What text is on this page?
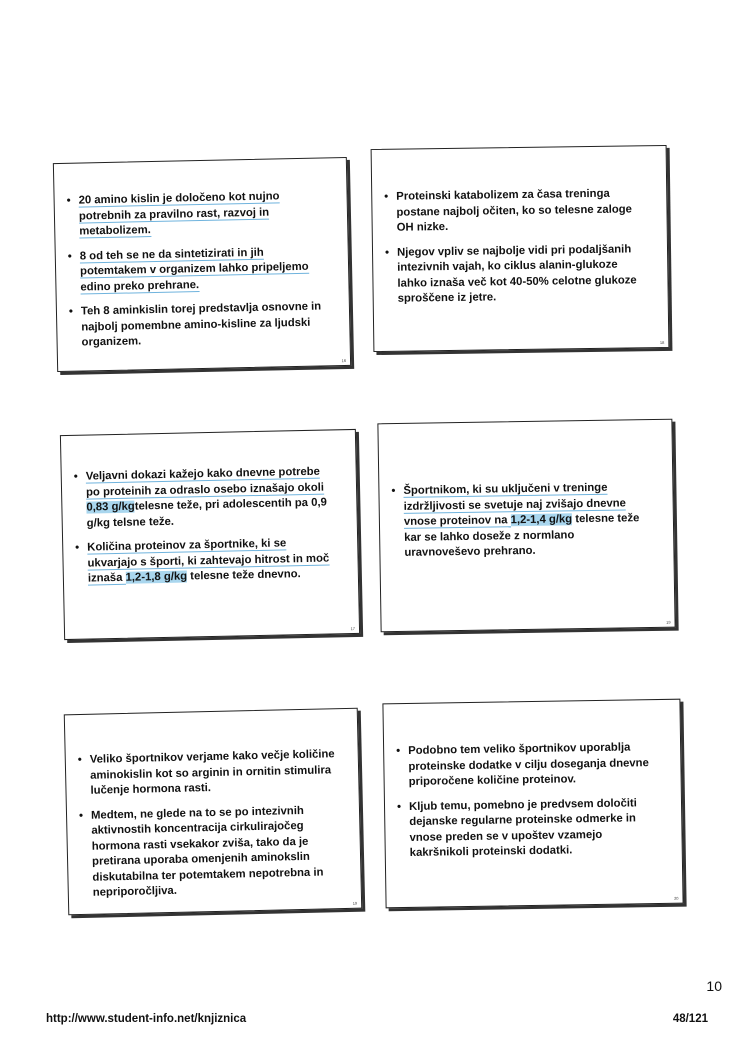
• 20 amino kislin je določeno kot nujno potrebnih za pravilno rast, razvoj in metabolizem.
• 8 od teh se ne da sintetizirati in jih potemtakem v organizem lahko pripeljemo edino preko prehrane.
• Teh 8 aminkislin torej predstavlja osnovne in najbolj pomembne amino-kisline za ljudski organizem.
16
• Proteinski katabolizem za časa treninga postane najbolj očiten, ko so telesne zaloge OH nizke.
• Njegov vpliv se najbolje vidi pri podaljšanih intezivnih vajah, ko ciklus alanin-glukoze lahko iznaša več kot 40-50% celotne glukoze sproščene iz jetre.
18
• Veljavni dokazi kažejo kako dnevne potrebe po proteinih za odraslo osebo iznašajo okoli 0,83 g/kgtelesne teže, pri adolescentih pa 0,9 g/kg telsne teže.
• Količina proteinov za športnike, ki se ukvarjajo s športi, ki zahtevajo hitrost in moč iznaša 1,2-1,8 g/kg telesne teže dnevno.
17
• Športnikom, ki su uključeni v treninge izdržljivosti se svetuje naj zvišajo dnevne vnose proteinov na 1,2-1,4 g/kg telesne teže kar se lahko doseže z normlano uravnoveševo prehrano.
19
• Veliko športnikov verjame kako večje količine aminokislin kot so arginin in ornitin stimulira lučenje hormona rasti.
• Medtem, ne glede na to se po intezivnih aktivnostih koncentracija cirkulirajočeg hormona rasti vsekakor zviša, tako da je pretirana uporaba omenjenih aminokslin diskutabilna ter potemtakem nepotrebna in nepriporočljiva.
19
• Podobno tem veliko športnikov uporablja proteinske dodatke v cilju doseganja dnevne priporočene količine proteinov.
• Kljub temu, pomebno je predvsem določiti dejanske regularne proteinske odmerke in vnose preden se v upoštev vzamejo kakršnikoli proteinski dodatki.
20
10
http://www.student-info.net/knjiznica	48/121
